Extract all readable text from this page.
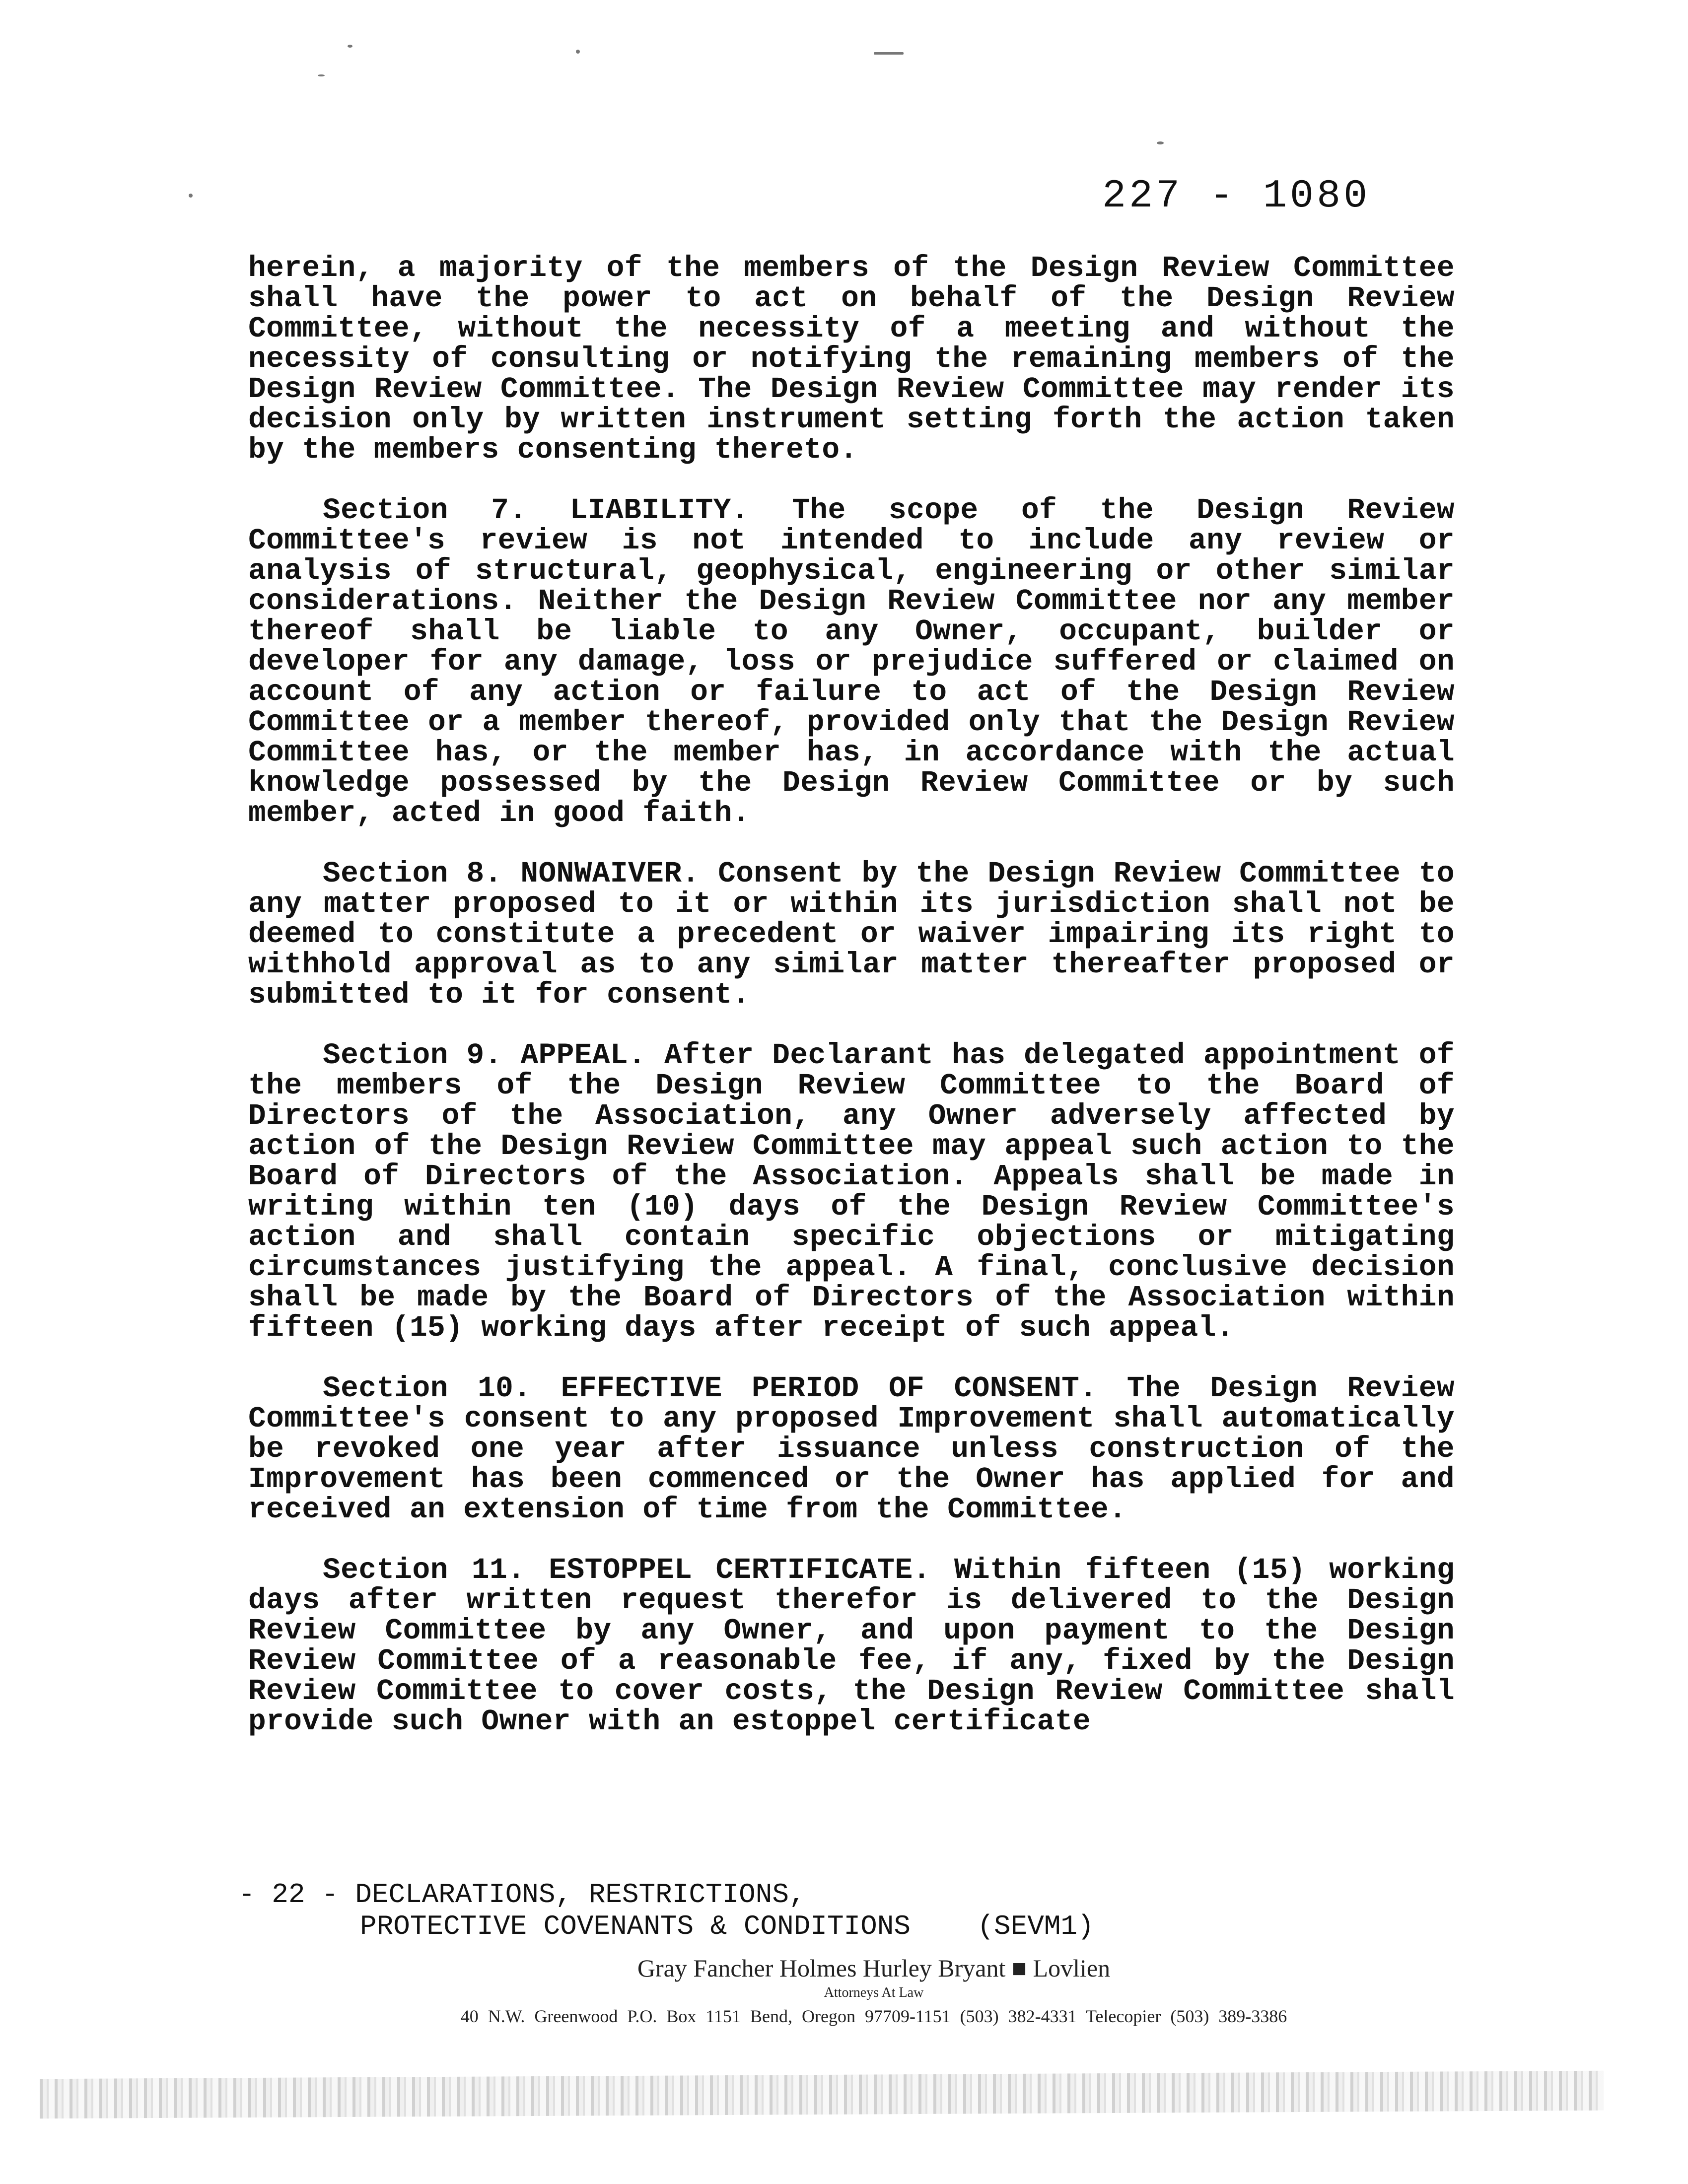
227 - 1080

herein, a majority of the members of the Design Review Committee shall have the power to act on behalf of the Design Review Committee, without the necessity of a meeting and without the necessity of consulting or notifying the remaining members of the Design Review Committee. The Design Review Committee may render its decision only by written instrument setting forth the action taken by the members consenting thereto.

Section 7. LIABILITY. The scope of the Design Review Committee's review is not intended to include any review or analysis of structural, geophysical, engineering or other similar considerations. Neither the Design Review Committee nor any member thereof shall be liable to any Owner, occupant, builder or developer for any damage, loss or prejudice suffered or claimed on account of any action or failure to act of the Design Review Committee or a member thereof, provided only that the Design Review Committee has, or the member has, in accordance with the actual knowledge possessed by the Design Review Committee or by such member, acted in good faith.

Section 8. NONWAIVER. Consent by the Design Review Committee to any matter proposed to it or within its jurisdiction shall not be deemed to constitute a precedent or waiver impairing its right to withhold approval as to any similar matter thereafter proposed or submitted to it for consent.

Section 9. APPEAL. After Declarant has delegated appointment of the members of the Design Review Committee to the Board of Directors of the Association, any Owner adversely affected by action of the Design Review Committee may appeal such action to the Board of Directors of the Association. Appeals shall be made in writing within ten (10) days of the Design Review Committee's action and shall contain specific objections or mitigating circumstances justifying the appeal. A final, conclusive decision shall be made by the Board of Directors of the Association within fifteen (15) working days after receipt of such appeal.

Section 10. EFFECTIVE PERIOD OF CONSENT. The Design Review Committee's consent to any proposed Improvement shall automatically be revoked one year after issuance unless construction of the Improvement has been commenced or the Owner has applied for and received an extension of time from the Committee.

Section 11. ESTOPPEL CERTIFICATE. Within fifteen (15) working days after written request therefor is delivered to the Design Review Committee by any Owner, and upon payment to the Design Review Committee of a reasonable fee, if any, fixed by the Design Review Committee to cover costs, the Design Review Committee shall provide such Owner with an estoppel certificate

- 22 - DECLARATIONS, RESTRICTIONS,
PROTECTIVE COVENANTS & CONDITIONS    (SEVM1)
Gray Fancher Holmes Hurley Bryant ■ Lovlien
Attorneys At Law
40 N.W. Greenwood P.O. Box 1151 Bend, Oregon 97709-1151 (503) 382-4331 Telecopier (503) 389-3386
